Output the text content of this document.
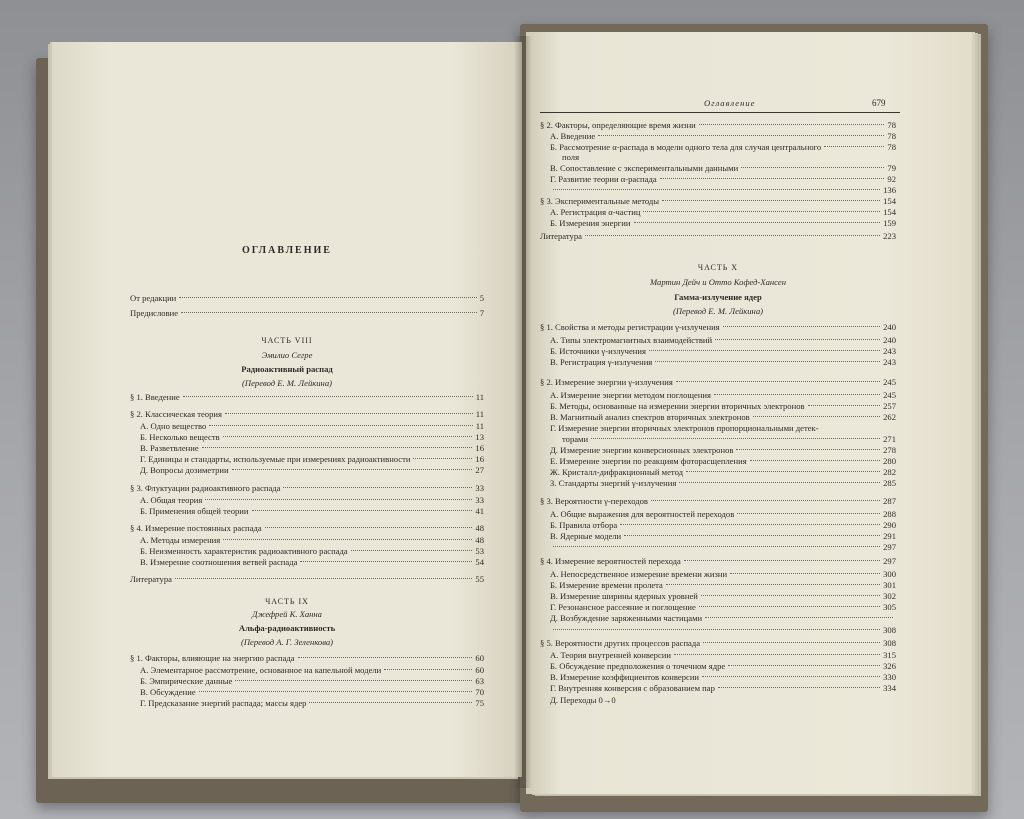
ОГЛАВЛЕНИЕ
От редакции	5
Предисловие	7
ЧАСТЬ VIII
Эмилио Сегре
Радиоактивный распад
(Перевод Е. М. Лейкина)
§ 1. Введение	11
§ 2. Классическая теория	11
А. Одно вещество	11
Б. Несколько веществ	13
В. Разветвление	16
Г. Единицы и стандарты, используемые при измерениях радиоактивности	16
Д. Вопросы дозиметрии	27
§ 3. Флуктуации радиоактивного распада	33
А. Общая теория	33
Б. Применения общей теории	41
§ 4. Измерение постоянных распада	48
А. Методы измерения	48
Б. Неизменность характеристик радиоактивного распада	53
В. Измерение соотношения ветвей распада	54
Литература	55
ЧАСТЬ IX
Джефрей К. Ханна
Альфа-радиоактивность
(Перевод А. Г. Зеленкова)
§ 1. Факторы, влияющие на энергию распада	60
А. Элементарное рассмотрение, основанное на капельной модели	60
Б. Эмпирические данные	63
В. Обсуждение	70
Г. Предсказание энергий распада; массы ядер	75
Оглавление	679
§ 2. Факторы, определяющие время жизни	78
А. Введение	78
Б. Рассмотрение α-распада в модели одного тела для случая центрального	78
поля
В. Сопоставление с экспериментальными данными	79
Г. Развитие теории α-распада	92
136
§ 3. Экспериментальные методы	154
А. Регистрация α-частиц	154
Б. Измерения энергии	159
Литература	223
ЧАСТЬ X
Мартин Дейч и Отто Кофед-Хансен
Гамма-излучение ядер
(Перевод Е. М. Лейкина)
§ 1. Свойства и методы регистрации γ-излучения	240
А. Типы электромагнитных взаимодействий	240
Б. Источники γ-излучения	243
В. Регистрация γ-излучения	243
§ 2. Измерение энергии γ-излучения	245
А. Измерение энергии методом поглощения	245
Б. Методы, основанные на измерении энергии вторичных электронов	257
В. Магнитный анализ спектров вторичных электронов	262
Г. Измерение энергии вторичных электронов пропорциональными детек-
торами	271
Д. Измерение энергии конверсионных электронов	278
Е. Измерение энергии по реакциям фоторасщепления	280
Ж. Кристалл-дифракционный метод	282
З. Стандарты энергий γ-излучения	285
§ 3. Вероятности γ-переходов	287
А. Общие выражения для вероятностей переходов	288
Б. Правила отбора	290
В. Ядерные модели	291
297
§ 4. Измерение вероятностей перехода	297
А. Непосредственное измерение времени жизни	300
Б. Измерение времени пролета	301
В. Измерение ширины ядерных уровней	302
Г. Резонансное рассеяние и поглощение	305
Д. Возбуждение заряженными частицами
308
§ 5. Вероятности других процессов распада	308
А. Теория внутренней конверсии	315
Б. Обсуждение предположения о точечном ядре	326
В. Измерение коэффициентов конверсии	330
Г. Внутренняя конверсия с образованием пар	334
Д. Переходы 0→0
